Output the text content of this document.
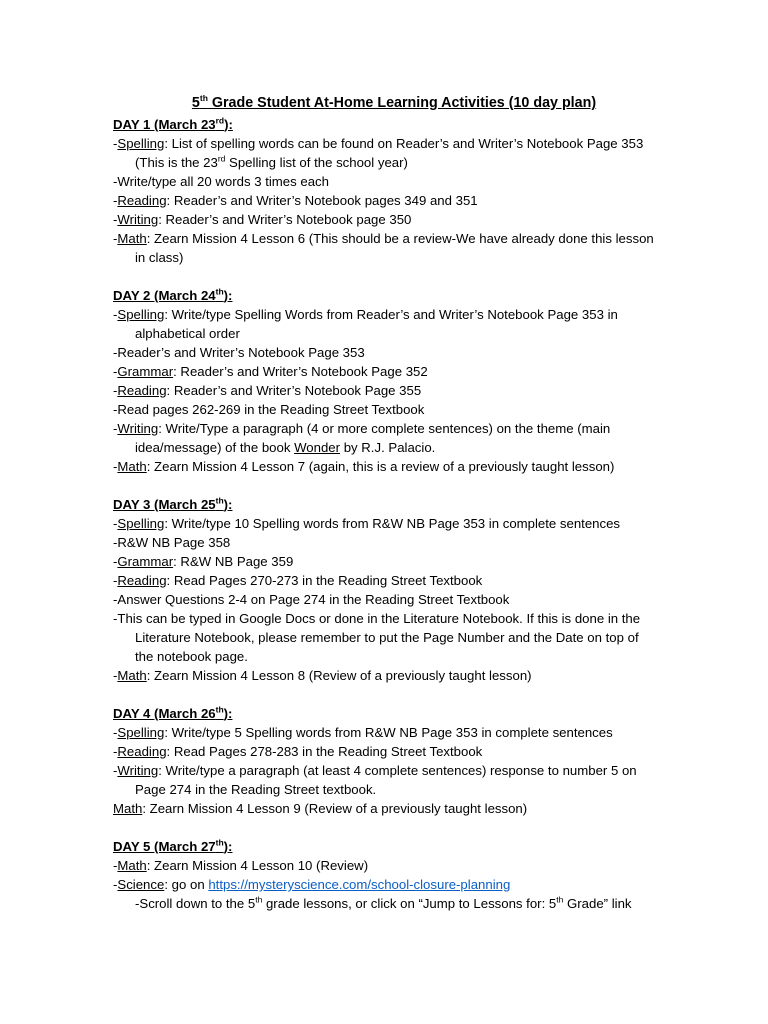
5th Grade Student At-Home Learning Activities (10 day plan)
DAY 1 (March 23rd):
-Spelling: List of spelling words can be found on Reader’s and Writer’s Notebook Page 353
(This is the 23rd Spelling list of the school year)
-Write/type all 20 words 3 times each
-Reading: Reader’s and Writer’s Notebook pages 349 and 351
-Writing: Reader’s and Writer’s Notebook page 350
-Math: Zearn Mission 4 Lesson 6 (This should be a review-We have already done this lesson
in class)
DAY 2 (March 24th):
-Spelling: Write/type Spelling Words from Reader’s and Writer’s Notebook Page 353 in
alphabetical order
-Reader’s and Writer’s Notebook Page 353
-Grammar: Reader’s and Writer’s Notebook Page 352
-Reading: Reader’s and Writer’s Notebook Page 355
-Read pages 262-269 in the Reading Street Textbook
-Writing: Write/Type a paragraph (4 or more complete sentences) on the theme (main
idea/message) of the book Wonder by R.J. Palacio.
-Math: Zearn Mission 4 Lesson 7 (again, this is a review of a previously taught lesson)
DAY 3 (March 25th):
-Spelling: Write/type 10 Spelling words from R&W NB Page 353 in complete sentences
-R&W NB Page 358
-Grammar: R&W NB Page 359
-Reading: Read Pages 270-273 in the Reading Street Textbook
-Answer Questions 2-4 on Page 274 in the Reading Street Textbook
-This can be typed in Google Docs or done in the Literature Notebook. If this is done in the
Literature Notebook, please remember to put the Page Number and the Date on top of
the notebook page.
-Math: Zearn Mission 4 Lesson 8 (Review of a previously taught lesson)
DAY 4 (March 26th):
-Spelling: Write/type 5 Spelling words from R&W NB Page 353 in complete sentences
-Reading: Read Pages 278-283 in the Reading Street Textbook
-Writing: Write/type a paragraph (at least 4 complete sentences) response to number 5 on
Page 274 in the Reading Street textbook.
Math: Zearn Mission 4 Lesson 9 (Review of a previously taught lesson)
DAY 5 (March 27th):
-Math: Zearn Mission 4 Lesson 10 (Review)
-Science: go on https://mysteryscience.com/school-closure-planning
-Scroll down to the 5th grade lessons, or click on “Jump to Lessons for: 5th Grade” link
